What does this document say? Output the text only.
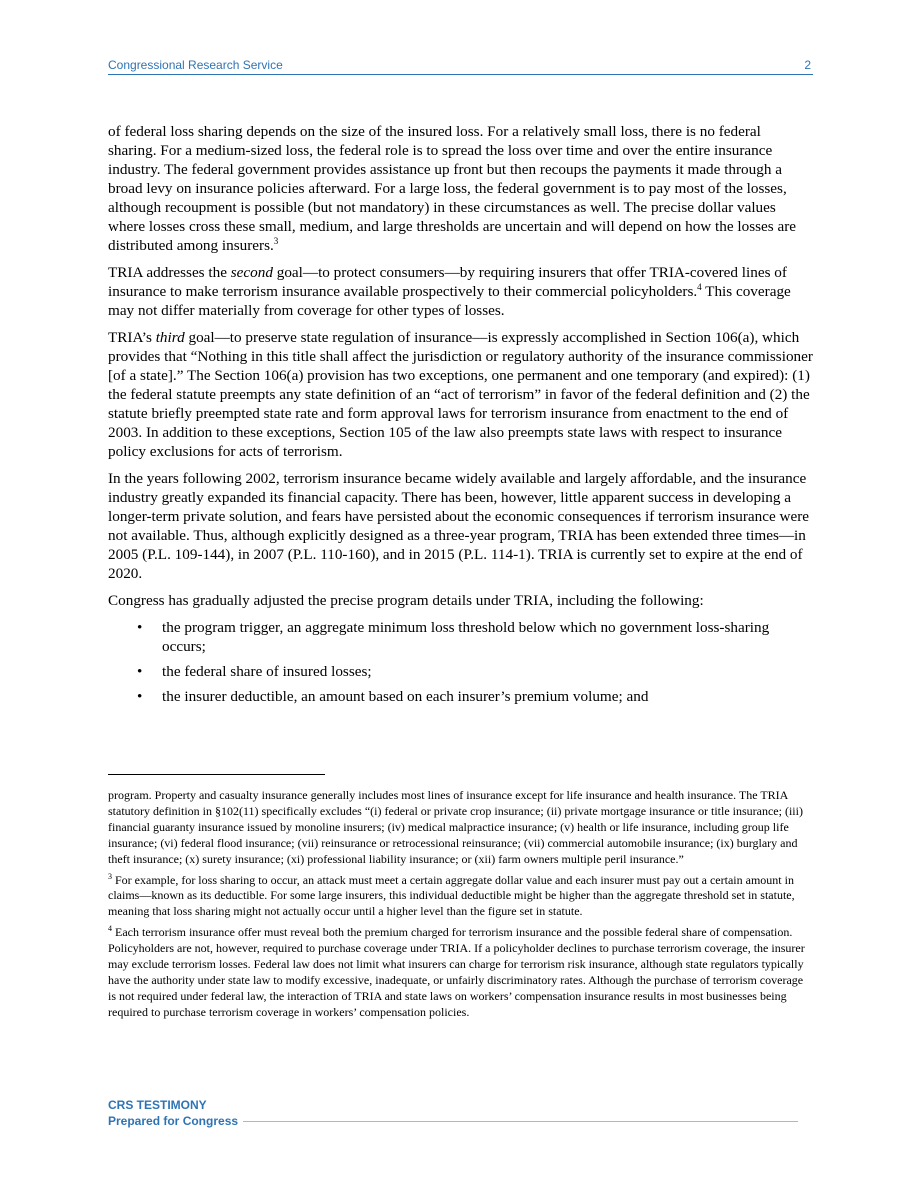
Congressional Research Service	2

of federal loss sharing depends on the size of the insured loss. For a relatively small loss, there is no federal sharing. For a medium-sized loss, the federal role is to spread the loss over time and over the entire insurance industry. The federal government provides assistance up front but then recoups the payments it made through a broad levy on insurance policies afterward. For a large loss, the federal government is to pay most of the losses, although recoupment is possible (but not mandatory) in these circumstances as well. The precise dollar values where losses cross these small, medium, and large thresholds are uncertain and will depend on how the losses are distributed among insurers.$^3$

TRIA addresses the second goal—to protect consumers—by requiring insurers that offer TRIA-covered lines of insurance to make terrorism insurance available prospectively to their commercial policyholders.$^4$ This coverage may not differ materially from coverage for other types of losses.

TRIA’s third goal—to preserve state regulation of insurance—is expressly accomplished in Section 106(a), which provides that “Nothing in this title shall affect the jurisdiction or regulatory authority of the insurance commissioner [of a state].” The Section 106(a) provision has two exceptions, one permanent and one temporary (and expired): (1) the federal statute preempts any state definition of an “act of terrorism” in favor of the federal definition and (2) the statute briefly preempted state rate and form approval laws for terrorism insurance from enactment to the end of 2003. In addition to these exceptions, Section 105 of the law also preempts state laws with respect to insurance policy exclusions for acts of terrorism.

In the years following 2002, terrorism insurance became widely available and largely affordable, and the insurance industry greatly expanded its financial capacity. There has been, however, little apparent success in developing a longer-term private solution, and fears have persisted about the economic consequences if terrorism insurance were not available. Thus, although explicitly designed as a three-year program, TRIA has been extended three times—in 2005 (P.L. 109-144), in 2007 (P.L. 110-160), and in 2015 (P.L. 114-1). TRIA is currently set to expire at the end of 2020.

Congress has gradually adjusted the precise program details under TRIA, including the following:

• the program trigger, an aggregate minimum loss threshold below which no government loss-sharing occurs;
• the federal share of insured losses;
• the insurer deductible, an amount based on each insurer’s premium volume; and

program. Property and casualty insurance generally includes most lines of insurance except for life insurance and health insurance. The TRIA statutory definition in §102(11) specifically excludes “(i) federal or private crop insurance; (ii) private mortgage insurance or title insurance; (iii) financial guaranty insurance issued by monoline insurers; (iv) medical malpractice insurance; (v) health or life insurance, including group life insurance; (vi) federal flood insurance; (vii) reinsurance or retrocessional reinsurance; (vii) commercial automobile insurance; (ix) burglary and theft insurance; (x) surety insurance; (xi) professional liability insurance; or (xii) farm owners multiple peril insurance.”

$^3$ For example, for loss sharing to occur, an attack must meet a certain aggregate dollar value and each insurer must pay out a certain amount in claims—known as its deductible. For some large insurers, this individual deductible might be higher than the aggregate threshold set in statute, meaning that loss sharing might not actually occur until a higher level than the figure set in statute.

$^4$ Each terrorism insurance offer must reveal both the premium charged for terrorism insurance and the possible federal share of compensation. Policyholders are not, however, required to purchase coverage under TRIA. If a policyholder declines to purchase terrorism coverage, the insurer may exclude terrorism losses. Federal law does not limit what insurers can charge for terrorism risk insurance, although state regulators typically have the authority under state law to modify excessive, inadequate, or unfairly discriminatory rates. Although the purchase of terrorism coverage is not required under federal law, the interaction of TRIA and state laws on workers’ compensation insurance results in most businesses being required to purchase terrorism coverage in workers’ compensation policies.

CRS TESTIMONY
Prepared for Congress
